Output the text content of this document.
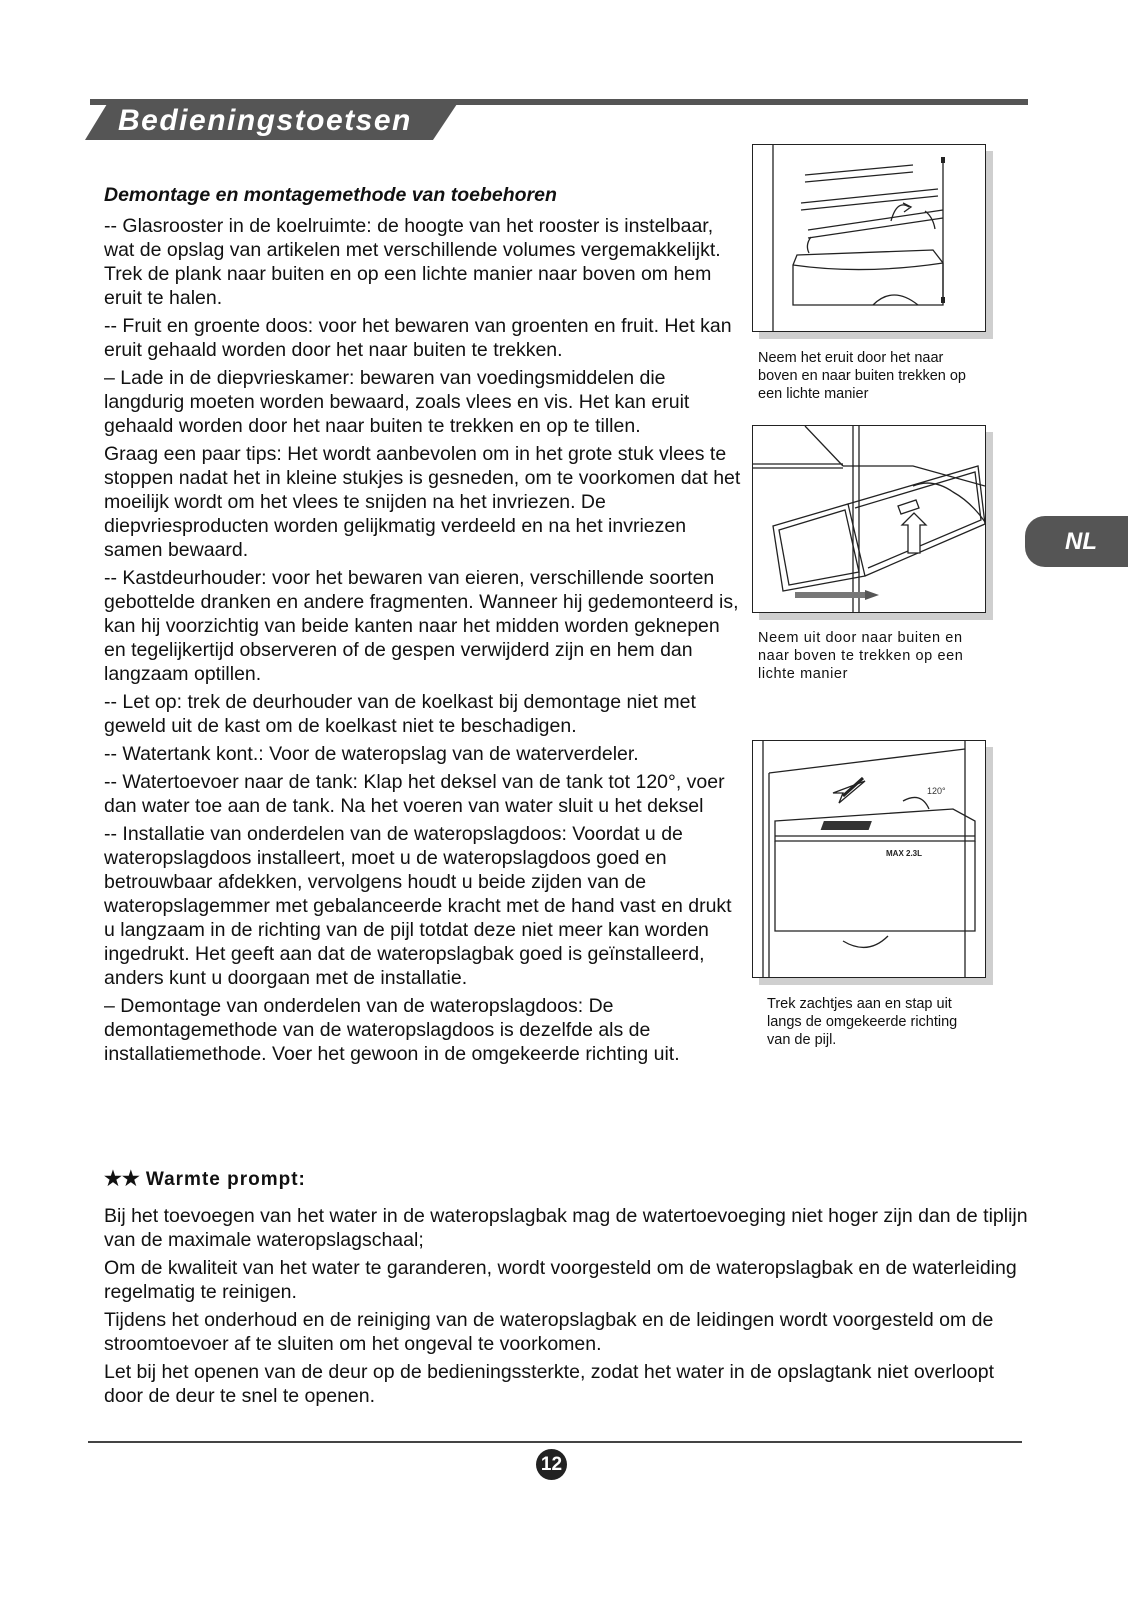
Bedieningstoetsen
NL
Demontage en montagemethode van toebehoren

-- Glasrooster in de koelruimte: de hoogte van het rooster is instelbaar, wat de opslag van artikelen met verschillende volumes vergemakkelijkt. Trek de plank naar buiten en op een lichte manier naar boven om hem eruit te halen.

-- Fruit en groente doos: voor het bewaren van groenten en fruit. Het kan eruit gehaald worden door het naar buiten te trekken.

– Lade in de diepvrieskamer: bewaren van voedingsmiddelen die langdurig moeten worden bewaard, zoals vlees en vis. Het kan eruit gehaald worden door het naar buiten te trekken en op te tillen.

Graag een paar tips: Het wordt aanbevolen om in het grote stuk vlees te stoppen nadat het in kleine stukjes is gesneden, om te voorkomen dat het moeilijk wordt om het vlees te snijden na het invriezen. De diepvriesproducten worden gelijkmatig verdeeld en na het invriezen samen bewaard.

-- Kastdeurhouder: voor het bewaren van eieren, verschillende soorten gebottelde dranken en andere fragmenten. Wanneer hij gedemonteerd is, kan hij voorzichtig van beide kanten naar het midden worden geknepen en tegelijkertijd observeren of de gespen verwijderd zijn en hem dan langzaam optillen.

-- Let op: trek de deurhouder van de koelkast bij demontage niet met geweld uit de kast om de koelkast niet te beschadigen.

-- Watertank kont.: Voor de wateropslag van de waterverdeler.

-- Watertoevoer naar de tank: Klap het deksel van de tank tot 120°, voer dan water toe aan de tank. Na het voeren van water sluit u het deksel

-- Installatie van onderdelen van de wateropslagdoos: Voordat u de wateropslagdoos installeert, moet u de wateropslagdoos goed en betrouwbaar afdekken, vervolgens houdt u beide zijden van de wateropslagemmer met gebalanceerde kracht met de hand vast en drukt u langzaam in de richting van de pijl totdat deze niet meer kan worden ingedrukt. Het geeft aan dat de wateropslagbak goed is geïnstalleerd, anders kunt u doorgaan met de installatie.

– Demontage van onderdelen van de wateropslagdoos: De demontagemethode van de wateropslagdoos is dezelfde als de installatiemethode. Voer het gewoon in de omgekeerde richting uit.

Neem het eruit door het naar boven en naar buiten trekken op een lichte manier
Neem uit door naar buiten en naar boven te trekken op een lichte manier
120°
MAX 2.3L
Trek zachtjes aan en stap uit langs de omgekeerde richting van de pijl.
★★ Warmte prompt:

Bij het toevoegen van het water in de wateropslagbak mag de watertoevoeging niet hoger zijn dan de tiplijn van de maximale wateropslagschaal;

Om de kwaliteit van het water te garanderen, wordt voorgesteld om de wateropslagbak en de waterleiding regelmatig te reinigen.

Tijdens het onderhoud en de reiniging van de wateropslagbak en de leidingen wordt voorgesteld om de stroomtoevoer af te sluiten om het ongeval te voorkomen.

Let bij het openen van de deur op de bedieningssterkte, zodat het water in de opslagtank niet overloopt door de deur te snel te openen.

12
